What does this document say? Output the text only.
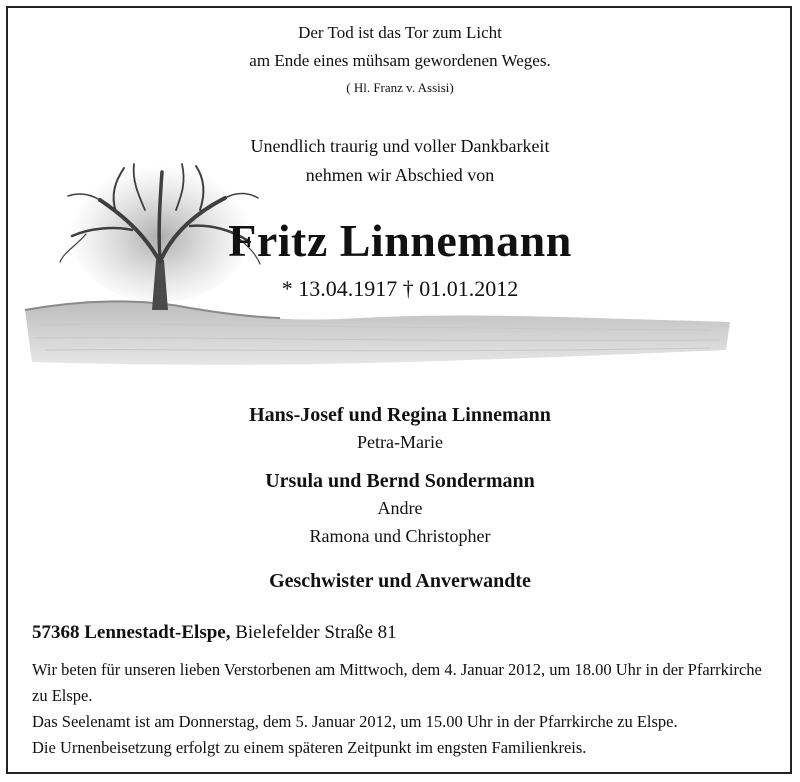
Der Tod ist das Tor zum Licht
am Ende eines mühsam gewordenen Weges.
( Hl. Franz v. Assisi)
Unendlich traurig und voller Dankbarkeit
nehmen wir Abschied von
Fritz Linnemann
* 13.04.1917 † 01.01.2012
Hans-Josef und Regina Linnemann
Petra-Marie
Ursula und Bernd Sondermann
Andre
Ramona und Christopher
Geschwister und Anverwandte
57368 Lennestadt-Elspe, Bielefelder Straße 81
Wir beten für unseren lieben Verstorbenen am Mittwoch, dem 4. Januar 2012, um 18.00 Uhr in der Pfarrkirche zu Elspe.
Das Seelenamt ist am Donnerstag, dem 5. Januar 2012, um 15.00 Uhr in der Pfarrkirche zu Elspe.
Die Urnenbeisetzung erfolgt zu einem späteren Zeitpunkt im engsten Familienkreis.
